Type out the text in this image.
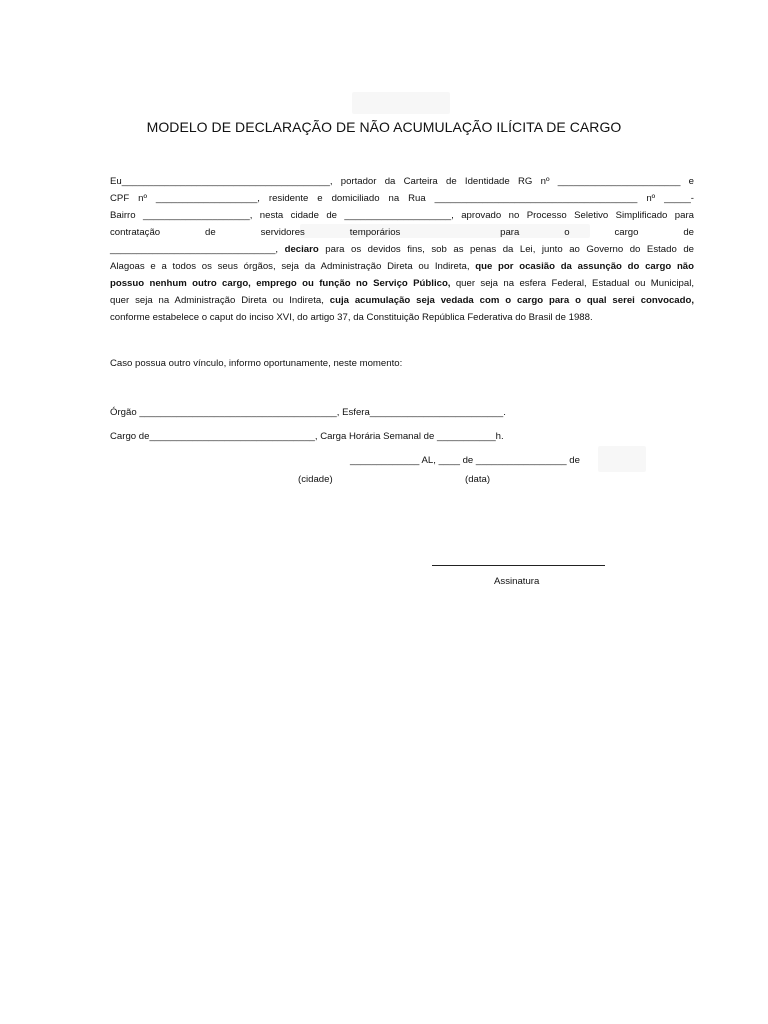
MODELO DE DECLARAÇÃO DE NÃO ACUMULAÇÃO ILÍCITA DE CARGO
Eu_______________________________________, portador da Carteira de Identidade RG nº _______________________ e
CPF nº ___________________, residente e domiciliado na Rua ______________________________________ nº _____-
Bairro ____________________, nesta cidade de ____________________, aprovado no Processo Seletivo Simplificado para
contratação de servidores temporários	para o cargo de
_______________________________, deciaro para os devidos fins, sob as penas da Lei, junto ao Governo do Estado de
Alagoas e a todos os seus órgãos, seja da Administração Direta ou Indireta, que por ocasião da assunção do cargo não
possuo nenhum outro cargo, emprego ou função no Serviço Público, quer seja na esfera Federal, Estadual ou Municipal,
quer seja na Administração Direta ou Indireta, cuja acumulação seja vedada com o cargo para o qual serei convocado,
conforme estabelece o caput do inciso XVI, do artigo 37, da Constituição República Federativa do Brasil de 1988.
Caso possua outro vínculo, informo oportunamente, neste momento:
Órgão _____________________________________, Esfera_________________________.
Cargo de_______________________________, Carga Horária Semanal de ___________h.
_____________ AL, ____ de _________________ de
(cidade)	(data)
Assinatura
